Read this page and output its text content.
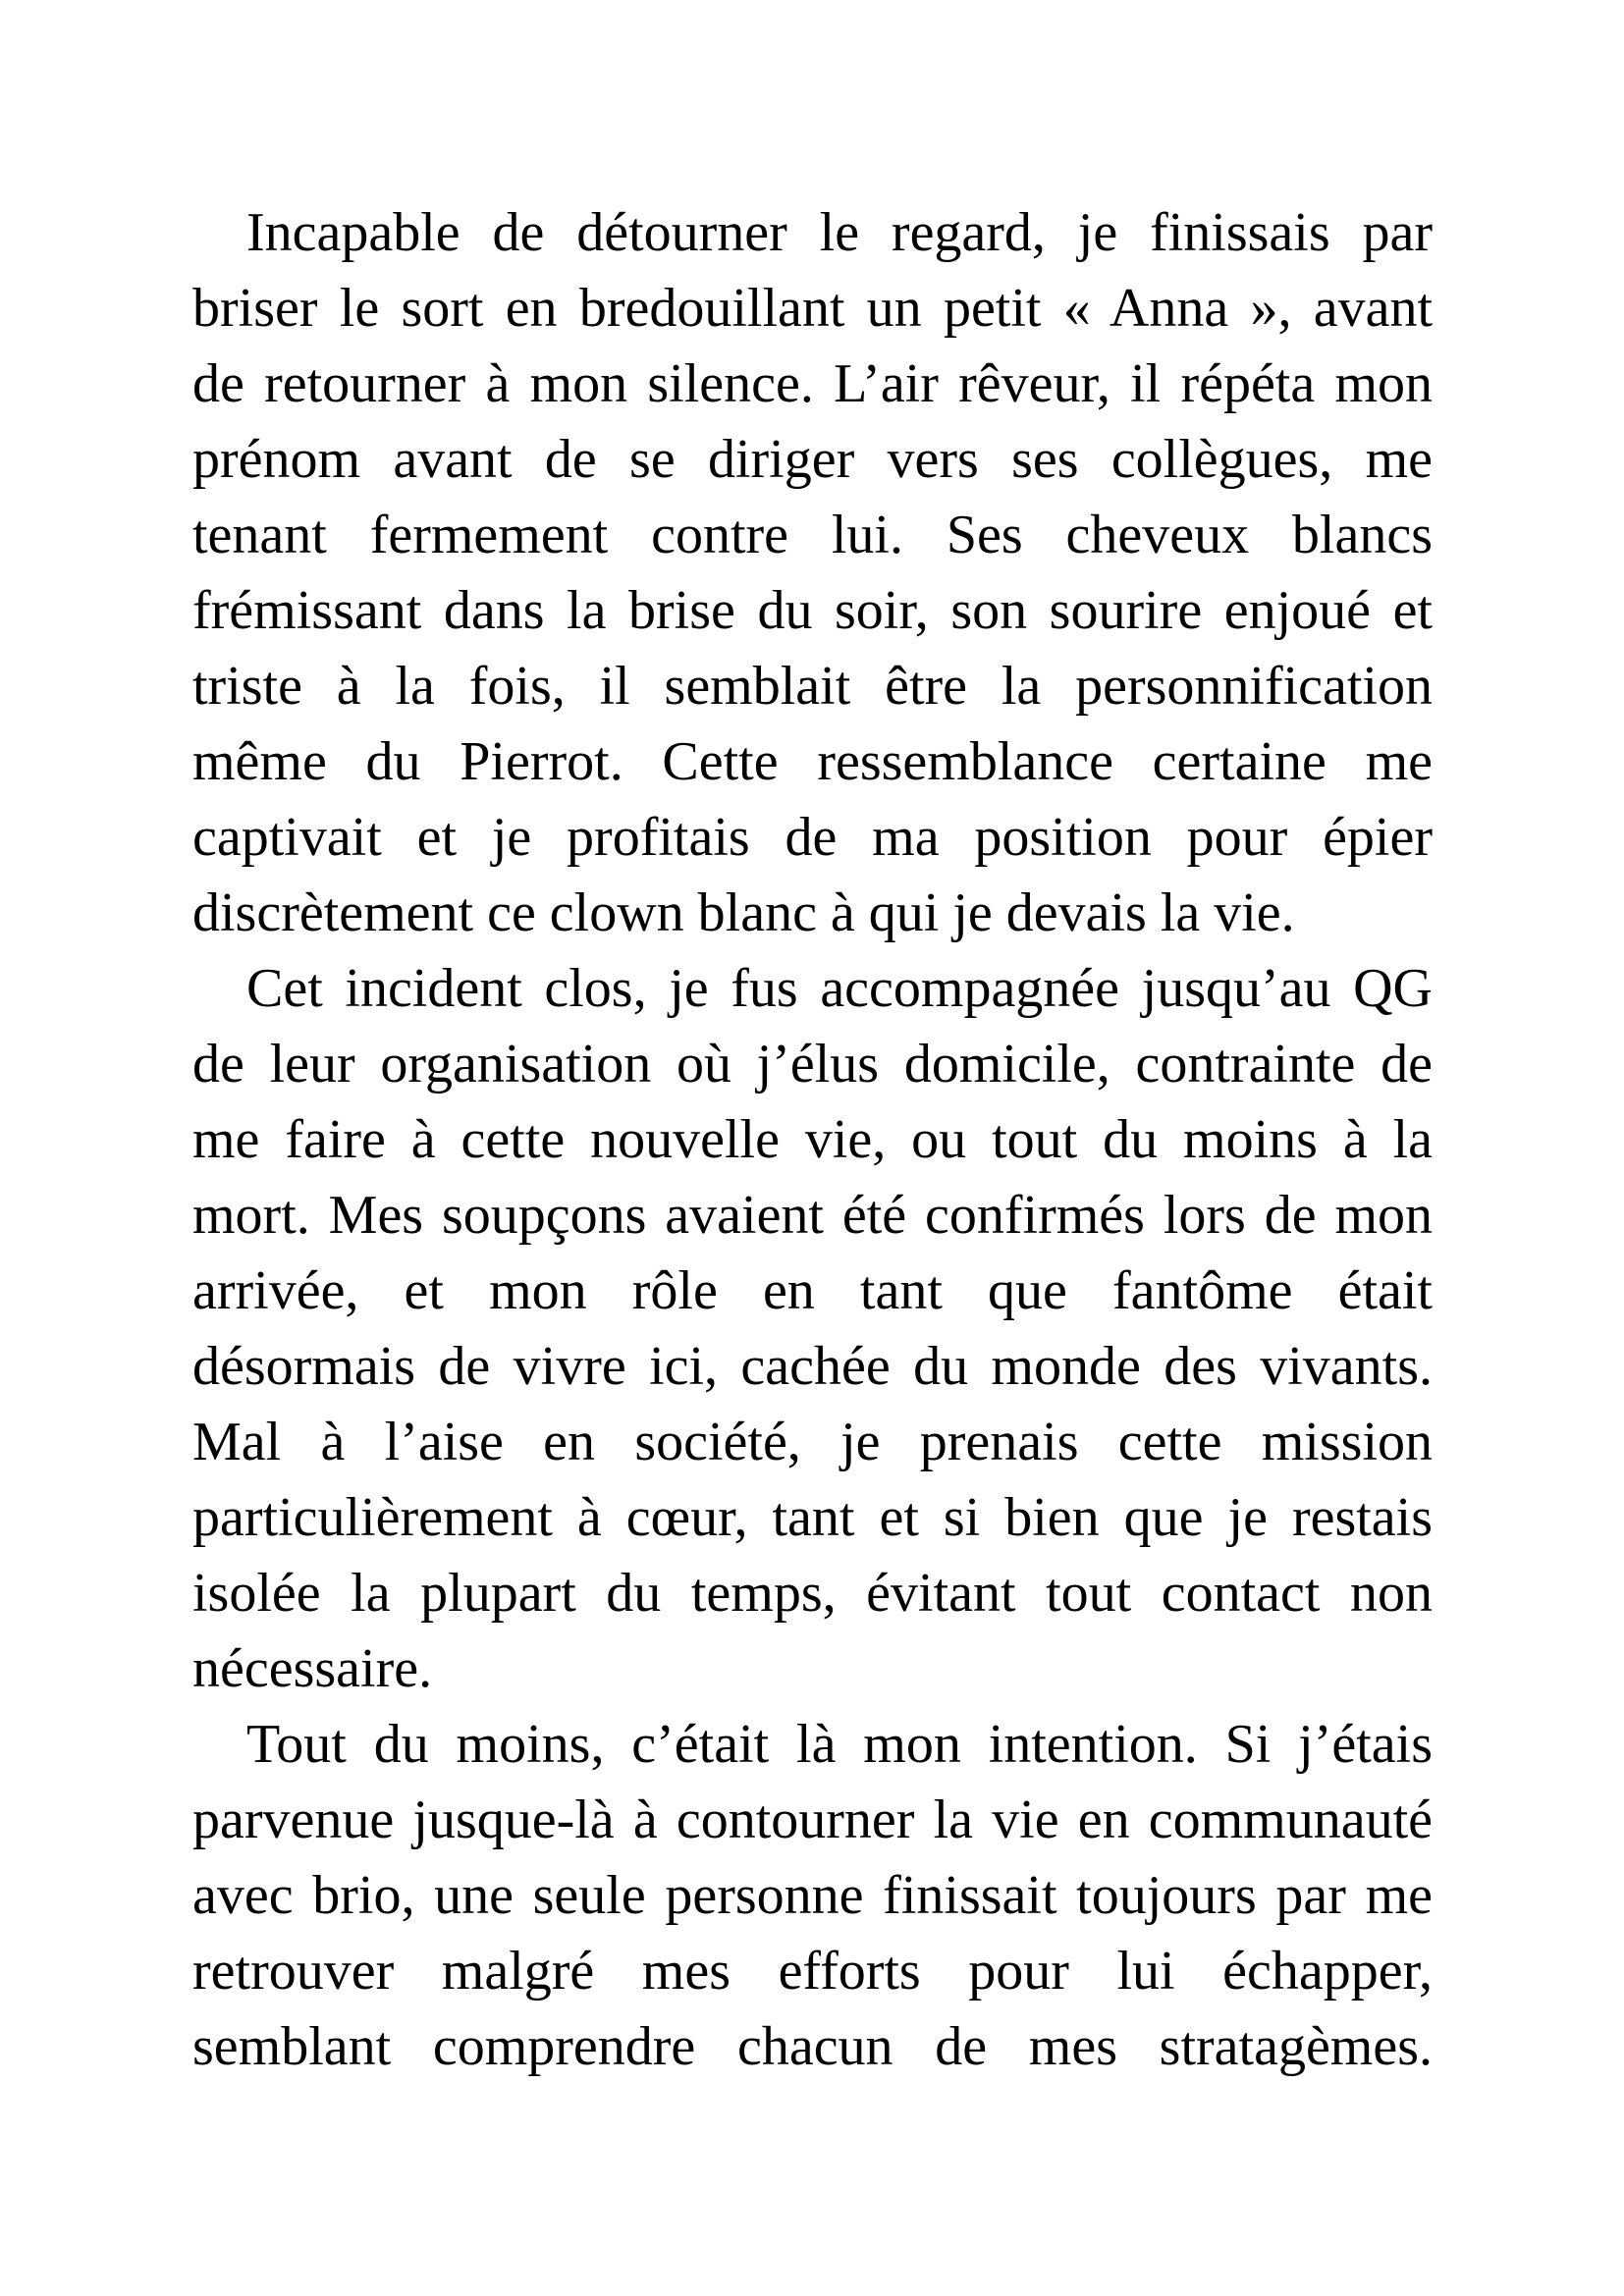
Incapable de détourner le regard, je finissais par
briser le sort en bredouillant un petit « Anna », avant
de retourner à mon silence. L’air rêveur, il répéta mon
prénom avant de se diriger vers ses collègues, me
tenant fermement contre lui. Ses cheveux blancs
frémissant dans la brise du soir, son sourire enjoué et
triste à la fois, il semblait être la personnification
même du Pierrot. Cette ressemblance certaine me
captivait et je profitais de ma position pour épier
discrètement ce clown blanc à qui je devais la vie.

Cet incident clos, je fus accompagnée jusqu’au QG
de leur organisation où j’élus domicile, contrainte de
me faire à cette nouvelle vie, ou tout du moins à la
mort. Mes soupçons avaient été confirmés lors de mon
arrivée, et mon rôle en tant que fantôme était
désormais de vivre ici, cachée du monde des vivants.
Mal à l’aise en société, je prenais cette mission
particulièrement à cœur, tant et si bien que je restais
isolée la plupart du temps, évitant tout contact non
nécessaire.

Tout du moins, c’était là mon intention. Si j’étais
parvenue jusque-là à contourner la vie en communauté
avec brio, une seule personne finissait toujours par me
retrouver malgré mes efforts pour lui échapper,
semblant comprendre chacun de mes stratagèmes.
